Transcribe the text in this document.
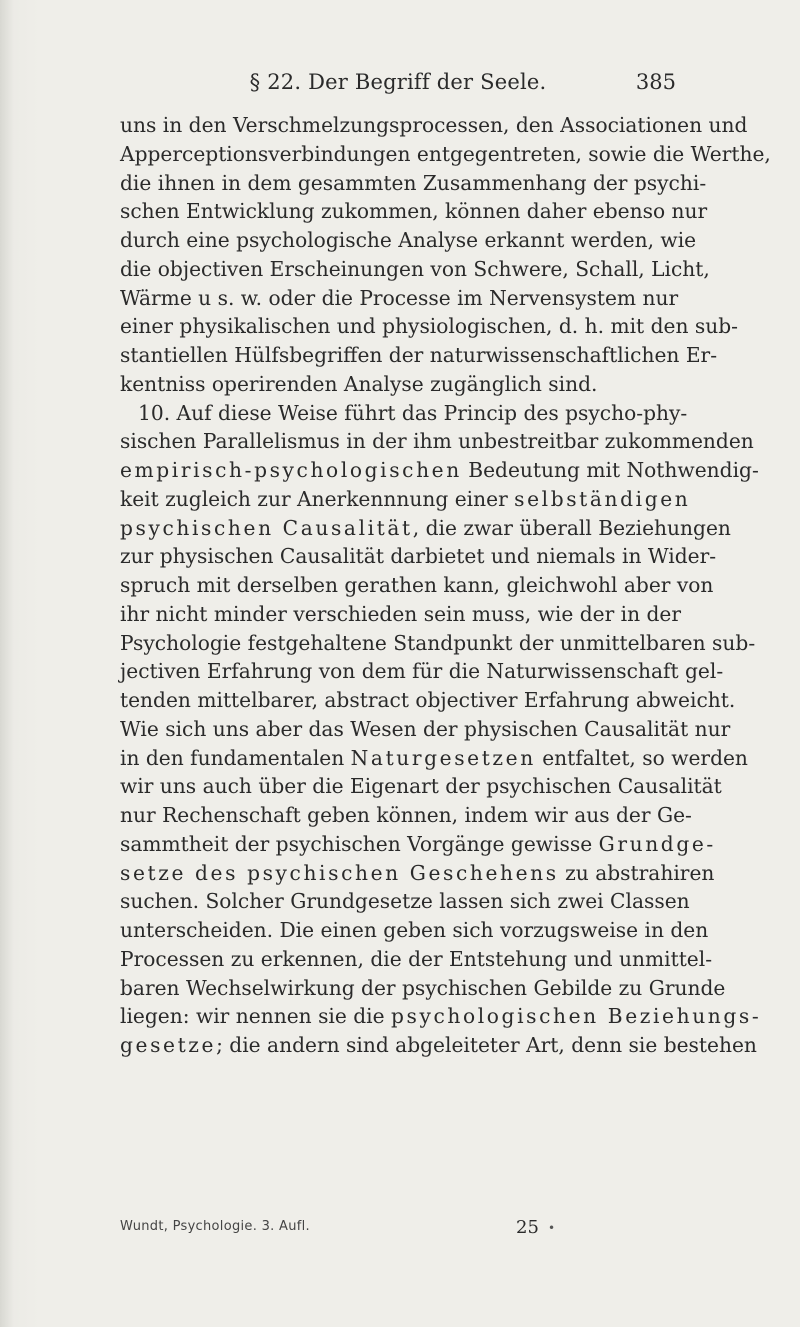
§ 22. Der Begriff der Seele.	385
uns in den Verschmelzungsprocessen, den Associationen und
Apperceptionsverbindungen entgegentreten, sowie die Werthe,
die ihnen in dem gesammten Zusammenhang der psychi-
schen Entwicklung zukommen, können daher ebenso nur
durch eine psychologische Analyse erkannt werden, wie
die objectiven Erscheinungen von Schwere, Schall, Licht,
Wärme u s. w. oder die Processe im Nervensystem nur
einer physikalischen und physiologischen, d. h. mit den sub-
stantiellen Hülfsbegriffen der naturwissenschaftlichen Er-
kentniss operirenden Analyse zugänglich sind.
10. Auf diese Weise führt das Princip des psycho-phy-
sischen Parallelismus in der ihm unbestreitbar zukommenden
empirisch-psychologischen Bedeutung mit Nothwendig-
keit zugleich zur Anerkennnung einer selbständigen
psychischen Causalität, die zwar überall Beziehungen
zur physischen Causalität darbietet und niemals in Wider-
spruch mit derselben gerathen kann, gleichwohl aber von
ihr nicht minder verschieden sein muss, wie der in der
Psychologie festgehaltene Standpunkt der unmittelbaren sub-
jectiven Erfahrung von dem für die Naturwissenschaft gel-
tenden mittelbarer, abstract objectiver Erfahrung abweicht.
Wie sich uns aber das Wesen der physischen Causalität nur
in den fundamentalen Naturgesetzen entfaltet, so werden
wir uns auch über die Eigenart der psychischen Causalität
nur Rechenschaft geben können, indem wir aus der Ge-
sammtheit der psychischen Vorgänge gewisse Grundge-
setze des psychischen Geschehens zu abstrahiren
suchen. Solcher Grundgesetze lassen sich zwei Classen
unterscheiden. Die einen geben sich vorzugsweise in den
Processen zu erkennen, die der Entstehung und unmittel-
baren Wechselwirkung der psychischen Gebilde zu Grunde
liegen: wir nennen sie die psychologischen Beziehungs-
gesetze; die andern sind abgeleiteter Art, denn sie bestehen
Wundt, Psychologie. 3. Aufl.	25 •
